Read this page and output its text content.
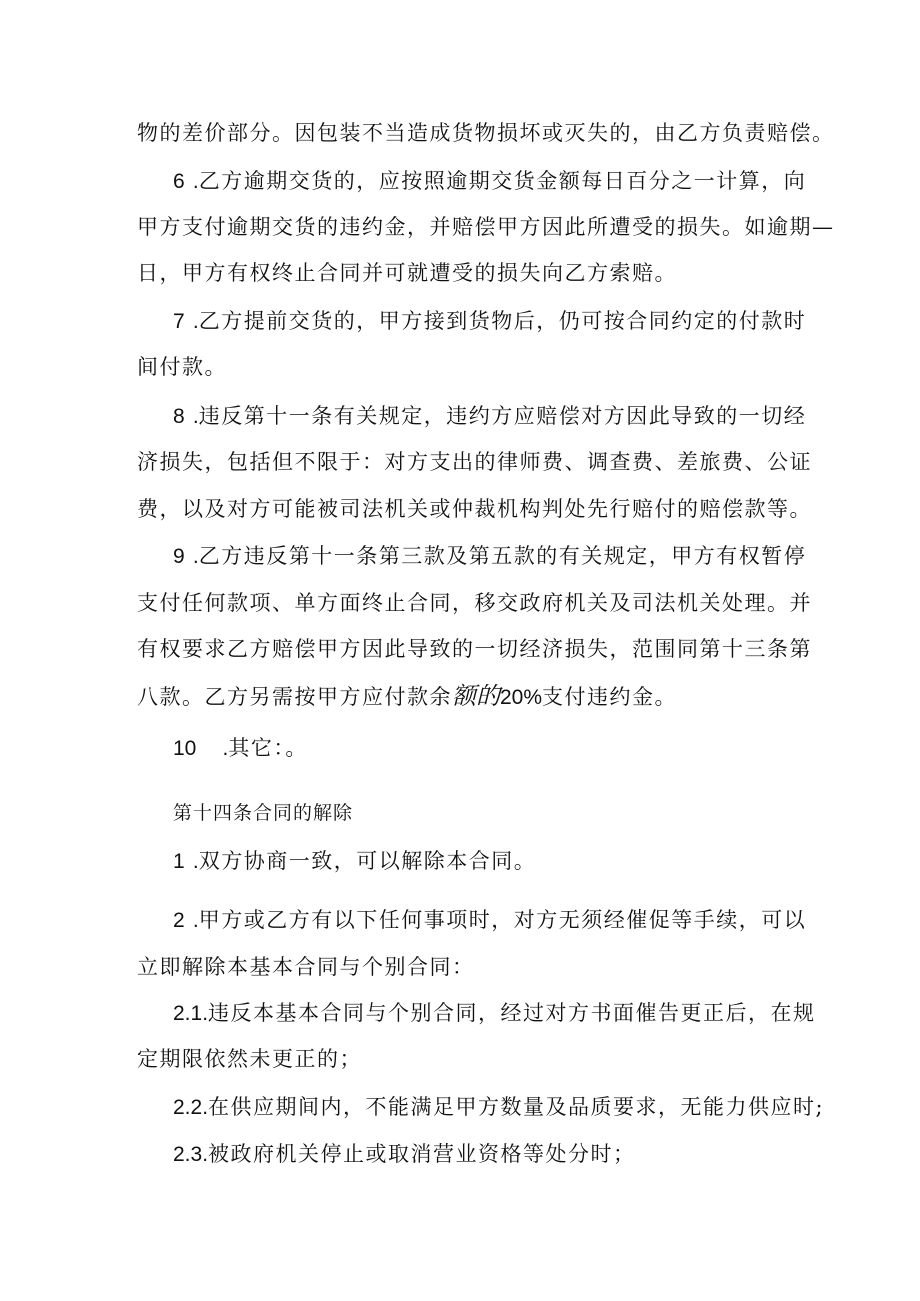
物的差价部分。因包装不当造成货物损坏或灭失的，由乙方负责赔偿。
6 .乙方逾期交货的，应按照逾期交货金额每日百分之一计算，向
甲方支付逾期交货的违约金，并赔偿甲方因此所遭受的损失。如逾期—
日，甲方有权终止合同并可就遭受的损失向乙方索赔。
7 .乙方提前交货的，甲方接到货物后，仍可按合同约定的付款时
间付款。
8 .违反第十一条有关规定，违约方应赔偿对方因此导致的一切经
济损失，包括但不限于：对方支出的律师费、调查费、差旅费、公证
费，以及对方可能被司法机关或仲裁机构判处先行赔付的赔偿款等。
9 .乙方违反第十一条第三款及第五款的有关规定，甲方有权暂停
支付任何款项、单方面终止合同，移交政府机关及司法机关处理。并
有权要求乙方赔偿甲方因此导致的一切经济损失，范围同第十三条第
八款。乙方另需按甲方应付款余额的20%支付违约金。
10 .其它：。
第十四条合同的解除
1 .双方协商一致，可以解除本合同。
2 .甲方或乙方有以下任何事项时，对方无须经催促等手续，可以
立即解除本基本合同与个别合同：
2.1.违反本基本合同与个别合同，经过对方书面催告更正后，在规
定期限依然未更正的；
2.2.在供应期间内，不能满足甲方数量及品质要求，无能力供应时;
2.3.被政府机关停止或取消营业资格等处分时；
